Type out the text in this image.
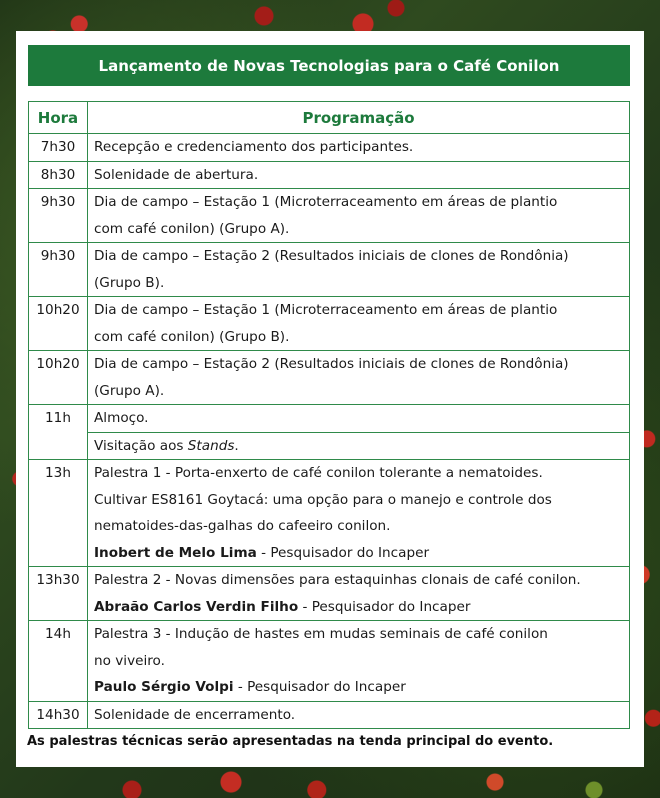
Lançamento de Novas Tecnologias para o Café Conilon
Hora	Programação
7h30	Recepção e credenciamento dos participantes.

8h30	Solenidade de abertura.

9h30	Dia de campo – Estação 1 (Microterraceamento em áreas de plantio
com café conilon) (Grupo A).

9h30	Dia de campo – Estação 2 (Resultados iniciais de clones de Rondônia)
(Grupo B).

10h20	Dia de campo – Estação 1 (Microterraceamento em áreas de plantio
com café conilon) (Grupo B).

10h20	Dia de campo – Estação 2 (Resultados iniciais de clones de Rondônia)
(Grupo A).

11h	Almoço.

	Visitação aos Stands.
13h	Palestra 1 - Porta-enxerto de café conilon tolerante a nematoides.
Cultivar ES8161 Goytacá: uma opção para o manejo e controle dos
nematoides-das-galhas do cafeeiro conilon.
Inobert de Melo Lima - Pesquisador do Incaper

13h30	Palestra 2 - Novas dimensões para estaquinhas clonais de café conilon.
Abraão Carlos Verdin Filho - Pesquisador do Incaper

14h	Palestra 3 - Indução de hastes em mudas seminais de café conilon
no viveiro.
Paulo Sérgio Volpi - Pesquisador do Incaper

14h30	Solenidade de encerramento.
As palestras técnicas serão apresentadas na tenda principal do evento.
